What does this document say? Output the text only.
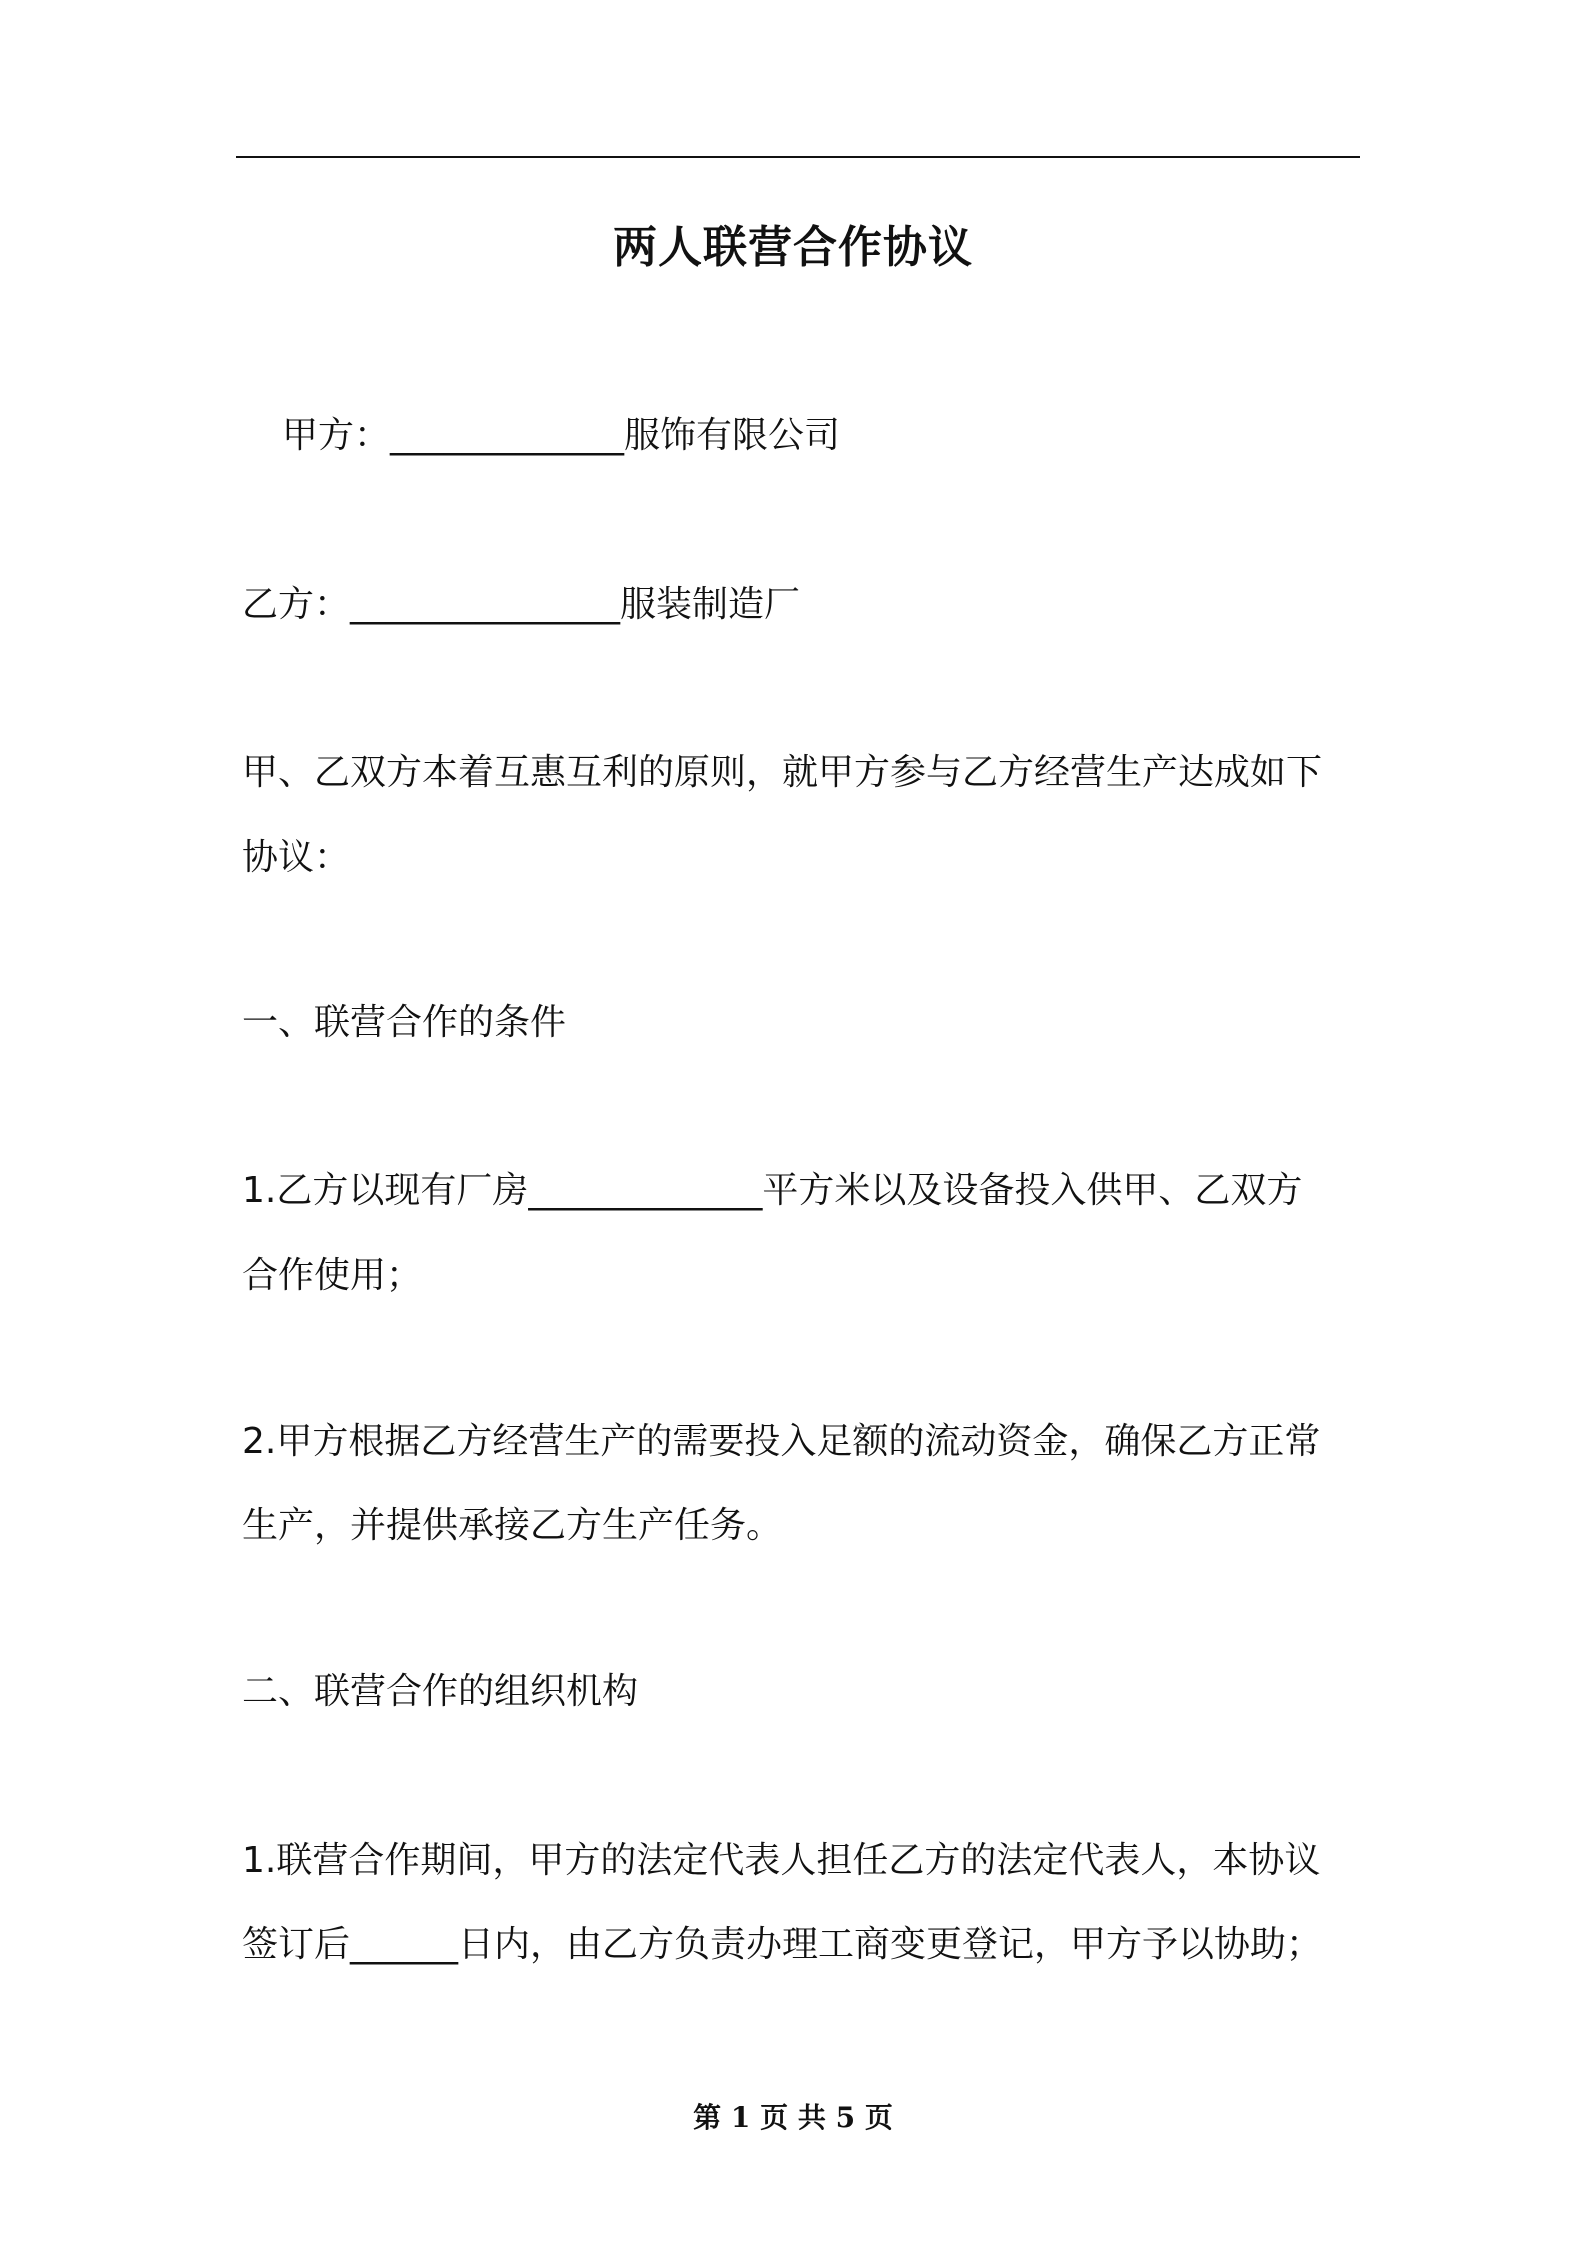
两人联营合作协议
甲方：_____________服饰有限公司
乙方：_______________服装制造厂
甲、乙双方本着互惠互利的原则，就甲方参与乙方经营生产达成如下
协议：
一、联营合作的条件
1.乙方以现有厂房_____________平方米以及设备投入供甲、乙双方
合作使用；
2.甲方根据乙方经营生产的需要投入足额的流动资金，确保乙方正常
生产，并提供承接乙方生产任务。
二、联营合作的组织机构
1.联营合作期间，甲方的法定代表人担任乙方的法定代表人，本协议
签订后______日内，由乙方负责办理工商变更登记，甲方予以协助；
第 1 页 共 5 页
